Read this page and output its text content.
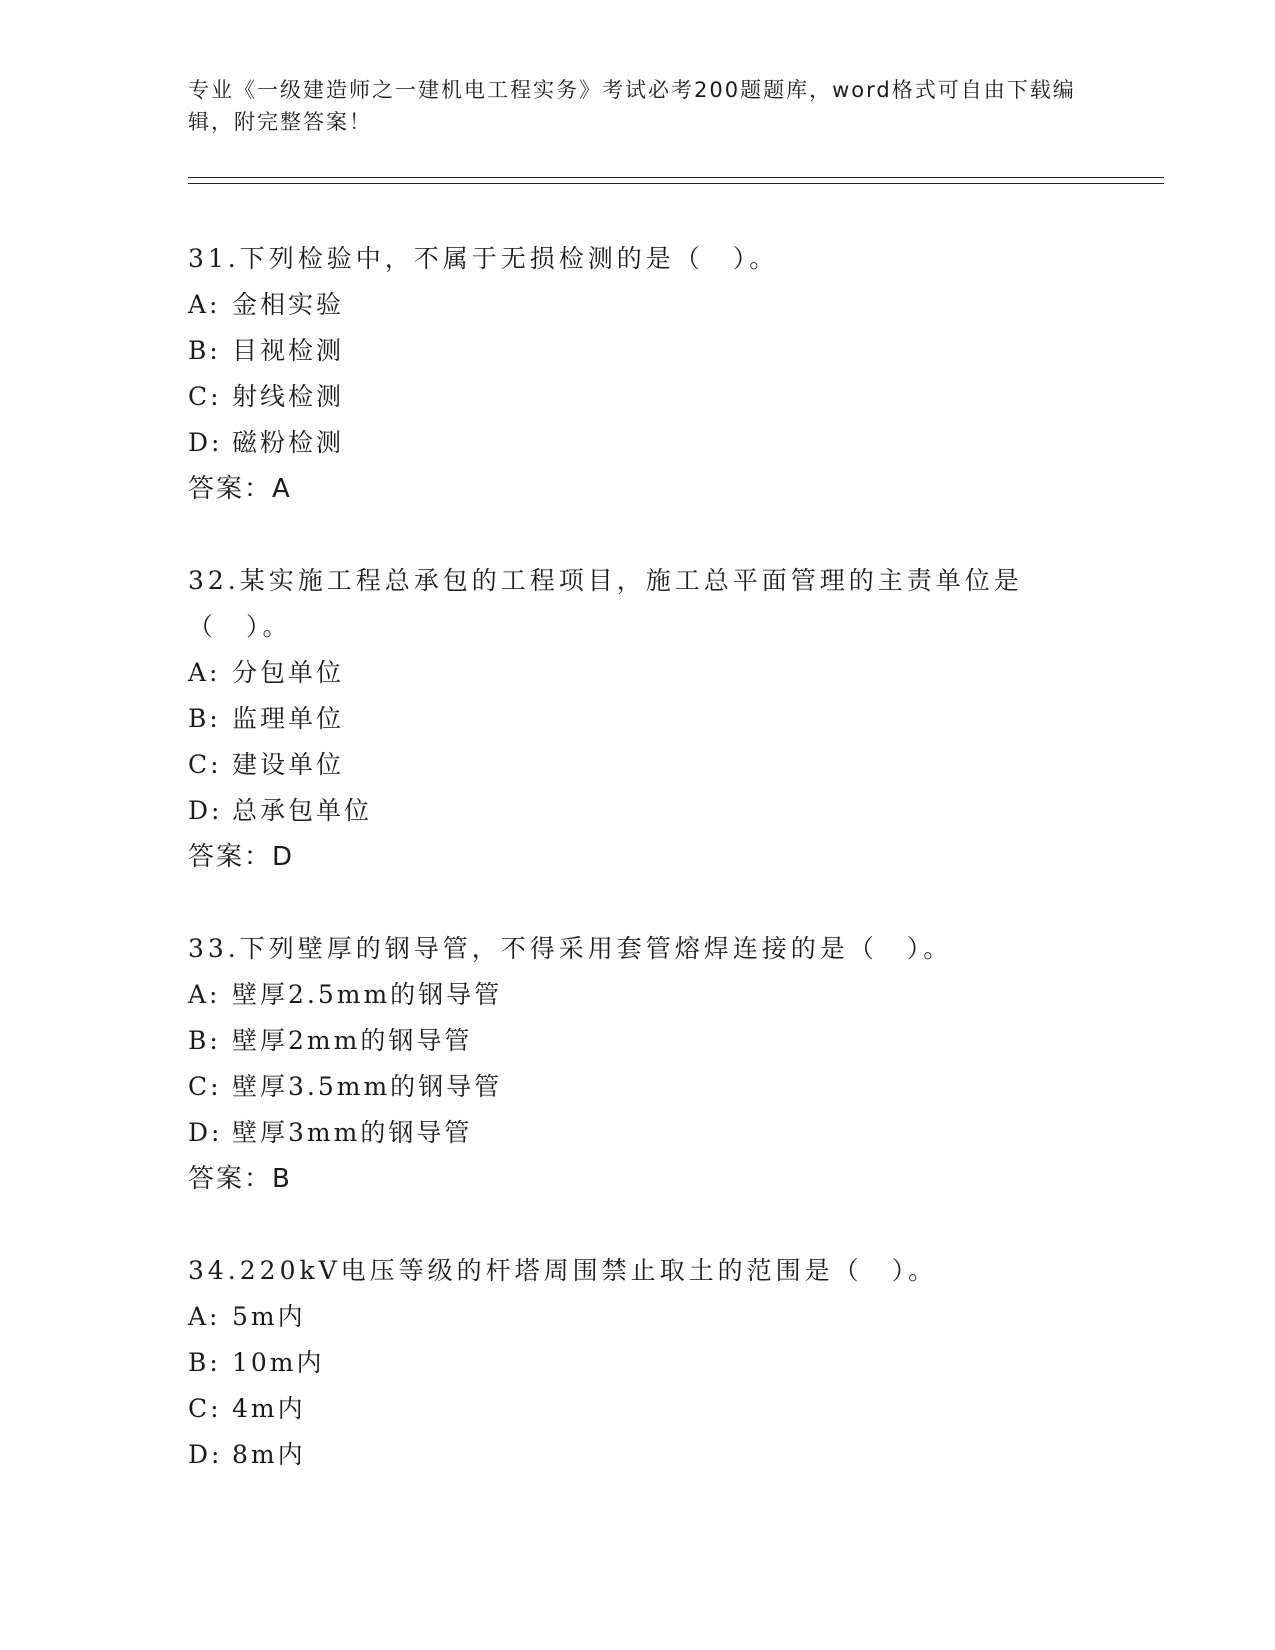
专业《一级建造师之一建机电工程实务》考试必考200题题库，word格式可自由下载编辑，附完整答案！

31.下列检验中，不属于无损检测的是（　）。

A: 金相实验

B: 目视检测

C: 射线检测

D: 磁粉检测

答案：A

32.某实施工程总承包的工程项目，施工总平面管理的主责单位是（　）。

A: 分包单位

B: 监理单位

C: 建设单位

D: 总承包单位

答案：D

33.下列壁厚的钢导管，不得采用套管熔焊连接的是（　）。

A: 壁厚2.5mm的钢导管

B: 壁厚2mm的钢导管

C: 壁厚3.5mm的钢导管

D: 壁厚3mm的钢导管

答案：B

34.220kV电压等级的杆塔周围禁止取土的范围是（　）。

A: 5m内

B: 10m内

C: 4m内

D: 8m内
